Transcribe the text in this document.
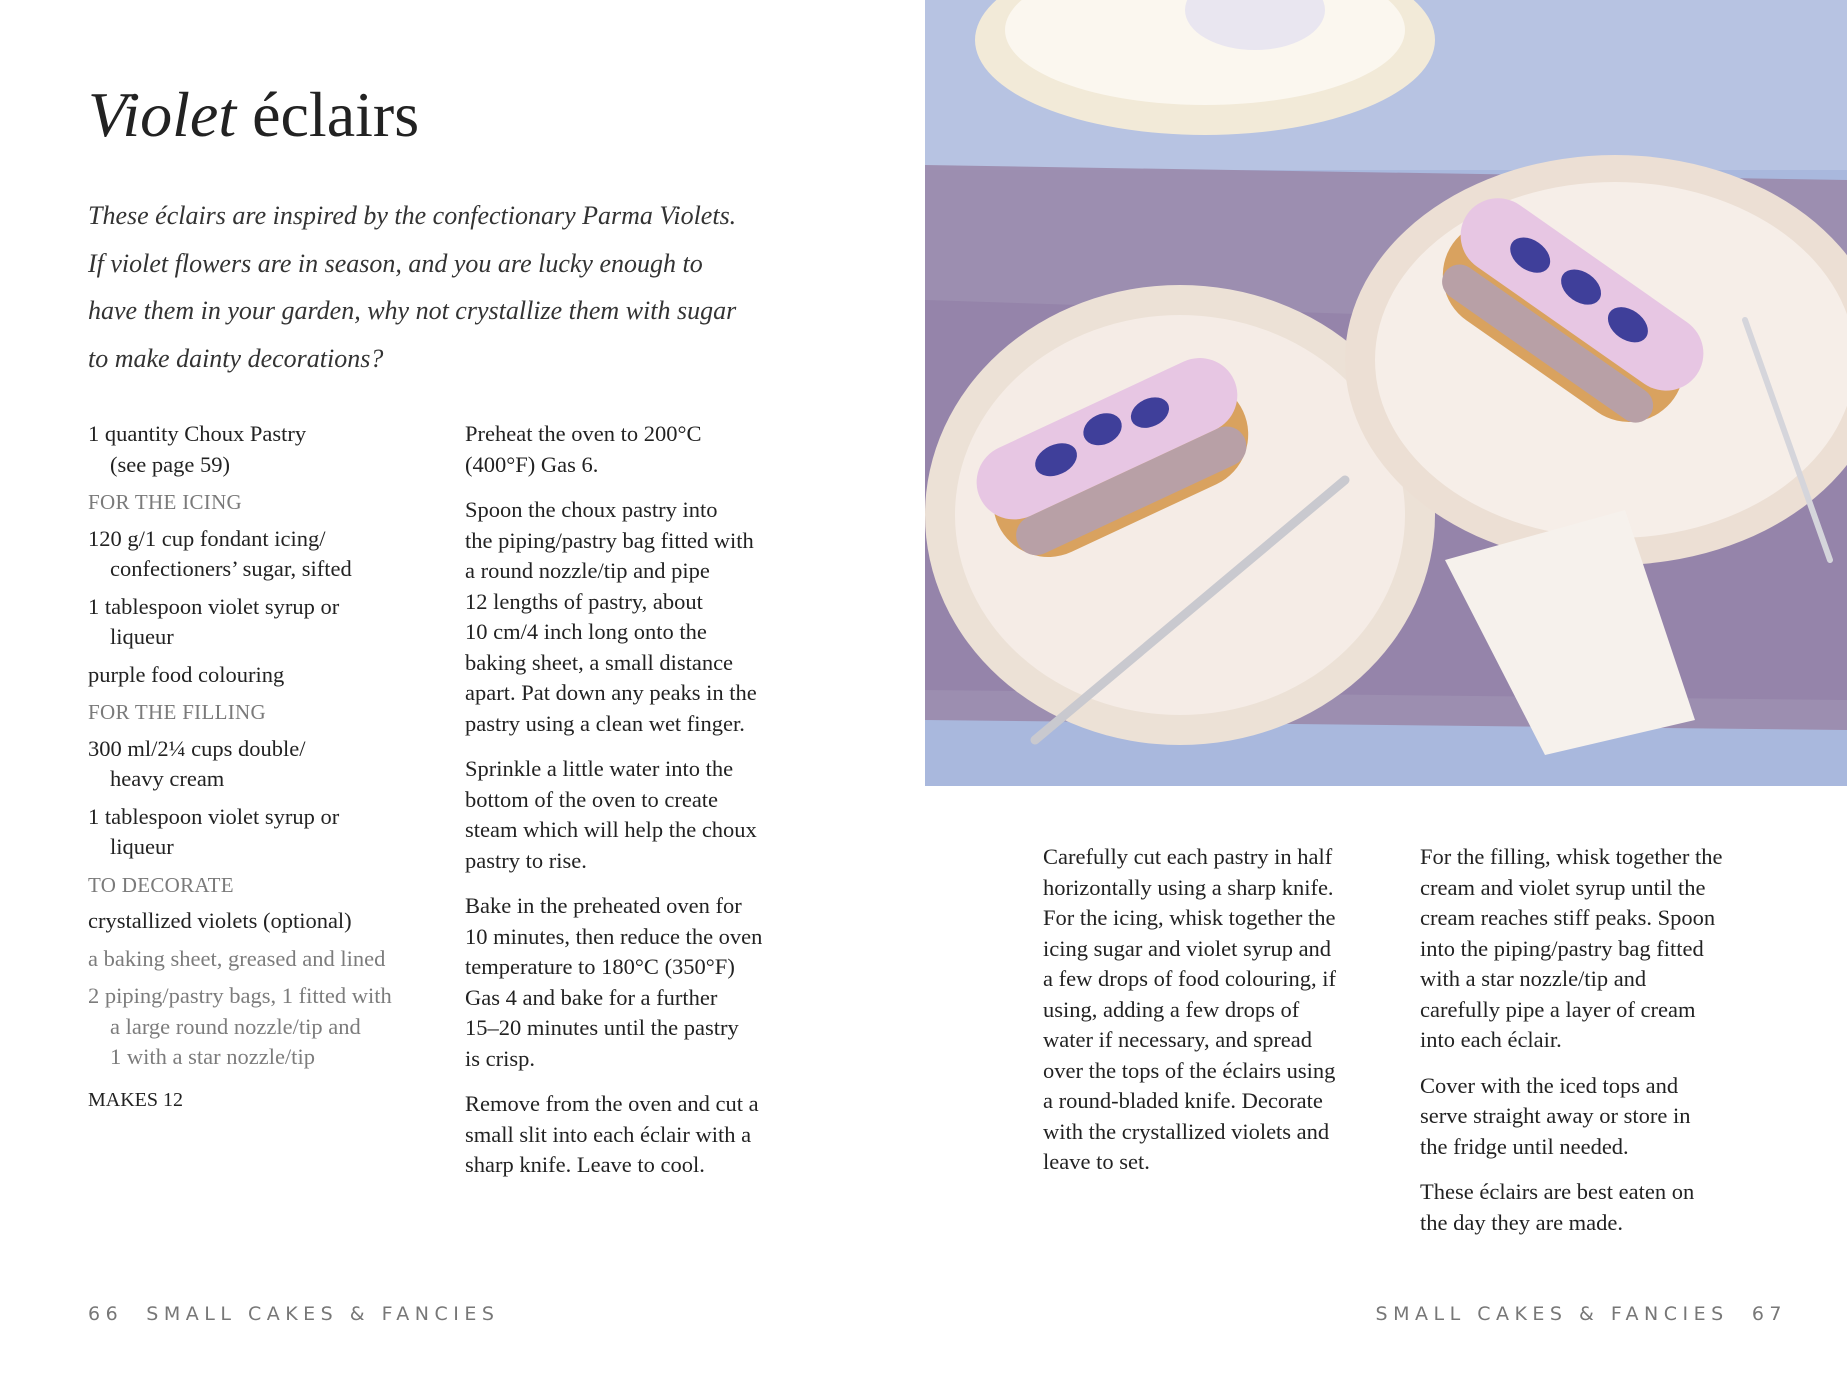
Violet éclairs
These éclairs are inspired by the confectionary Parma Violets.
If violet flowers are in season, and you are lucky enough to
have them in your garden, why not crystallize them with sugar
to make dainty decorations?
1 quantity Choux Pastry
(see page 59)
FOR THE ICING
120 g/1 cup fondant icing/
confectioners’ sugar, sifted
1 tablespoon violet syrup or
liqueur
purple food colouring
FOR THE FILLING
300 ml/2¼ cups double/
heavy cream
1 tablespoon violet syrup or
liqueur
TO DECORATE
crystallized violets (optional)
a baking sheet, greased and lined
2 piping/pastry bags, 1 fitted with
a large round nozzle/tip and
1 with a star nozzle/tip
MAKES 12
Preheat the oven to 200°C
(400°F) Gas 6.
Spoon the choux pastry into
the piping/pastry bag fitted with
a round nozzle/tip and pipe
12 lengths of pastry, about
10 cm/4 inch long onto the
baking sheet, a small distance
apart. Pat down any peaks in the
pastry using a clean wet finger.
Sprinkle a little water into the
bottom of the oven to create
steam which will help the choux
pastry to rise.
Bake in the preheated oven for
10 minutes, then reduce the oven
temperature to 180°C (350°F)
Gas 4 and bake for a further
15–20 minutes until the pastry
is crisp.
Remove from the oven and cut a
small slit into each éclair with a
sharp knife. Leave to cool.
Carefully cut each pastry in half
horizontally using a sharp knife.
For the icing, whisk together the
icing sugar and violet syrup and
a few drops of food colouring, if
using, adding a few drops of
water if necessary, and spread
over the tops of the éclairs using
a round-bladed knife. Decorate
with the crystallized violets and
leave to set.
For the filling, whisk together the
cream and violet syrup until the
cream reaches stiff peaks. Spoon
into the piping/pastry bag fitted
with a star nozzle/tip and
carefully pipe a layer of cream
into each éclair.
Cover with the iced tops and
serve straight away or store in
the fridge until needed.
These éclairs are best eaten on
the day they are made.
66 SMALL CAKES & FANCIES	SMALL CAKES & FANCIES 67
